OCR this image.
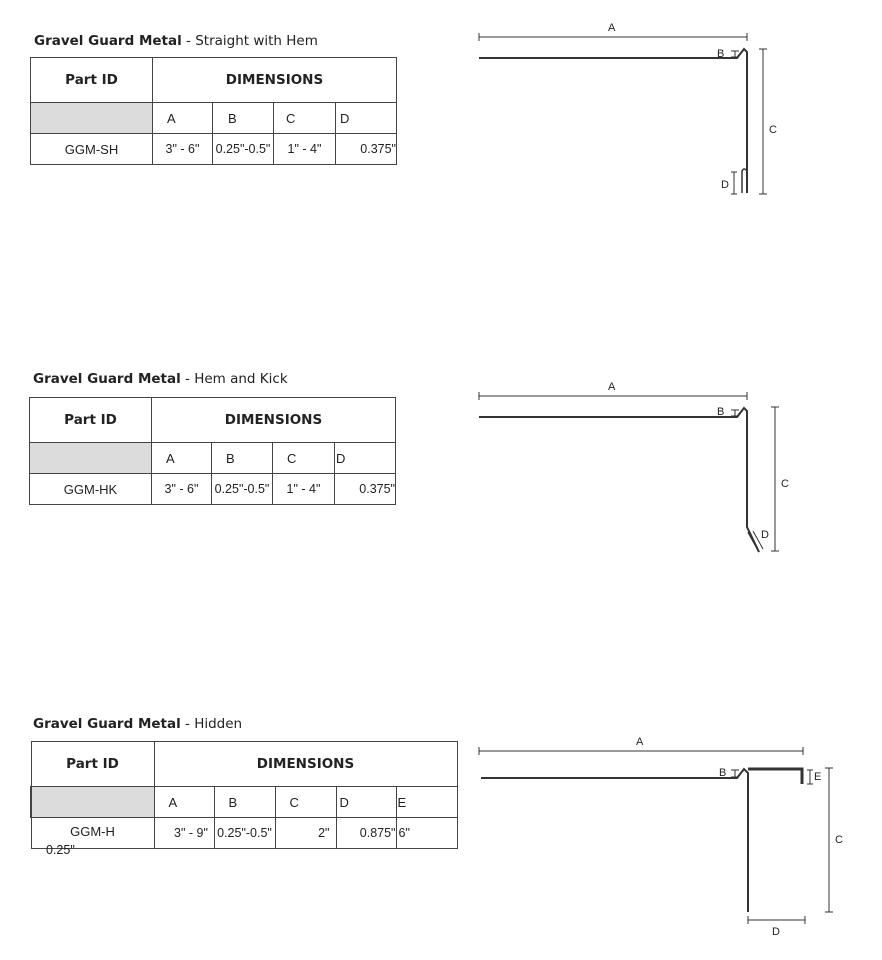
Gravel Guard Metal - Straight with Hem
Part ID	DIMENSIONS			
	A	B	C	D
GGM-SH	3" - 6"	0.25"-0.5"	1" - 4"	0.375"
Gravel Guard Metal - Hem and Kick
Part ID	DIMENSIONS			
	A	B	C	D
GGM-HK	3" - 6"	0.25"-0.5"	1" - 4"	0.375"
Gravel Guard Metal - Hidden
Part ID	DIMENSIONS				
	A	B	C	D	E
GGM-H	3" - 9"	0.25"-0.5"	2"	0.875"	6"
0.25"
A
B
C
D
A
B
C
D
A
B	E
C
D
